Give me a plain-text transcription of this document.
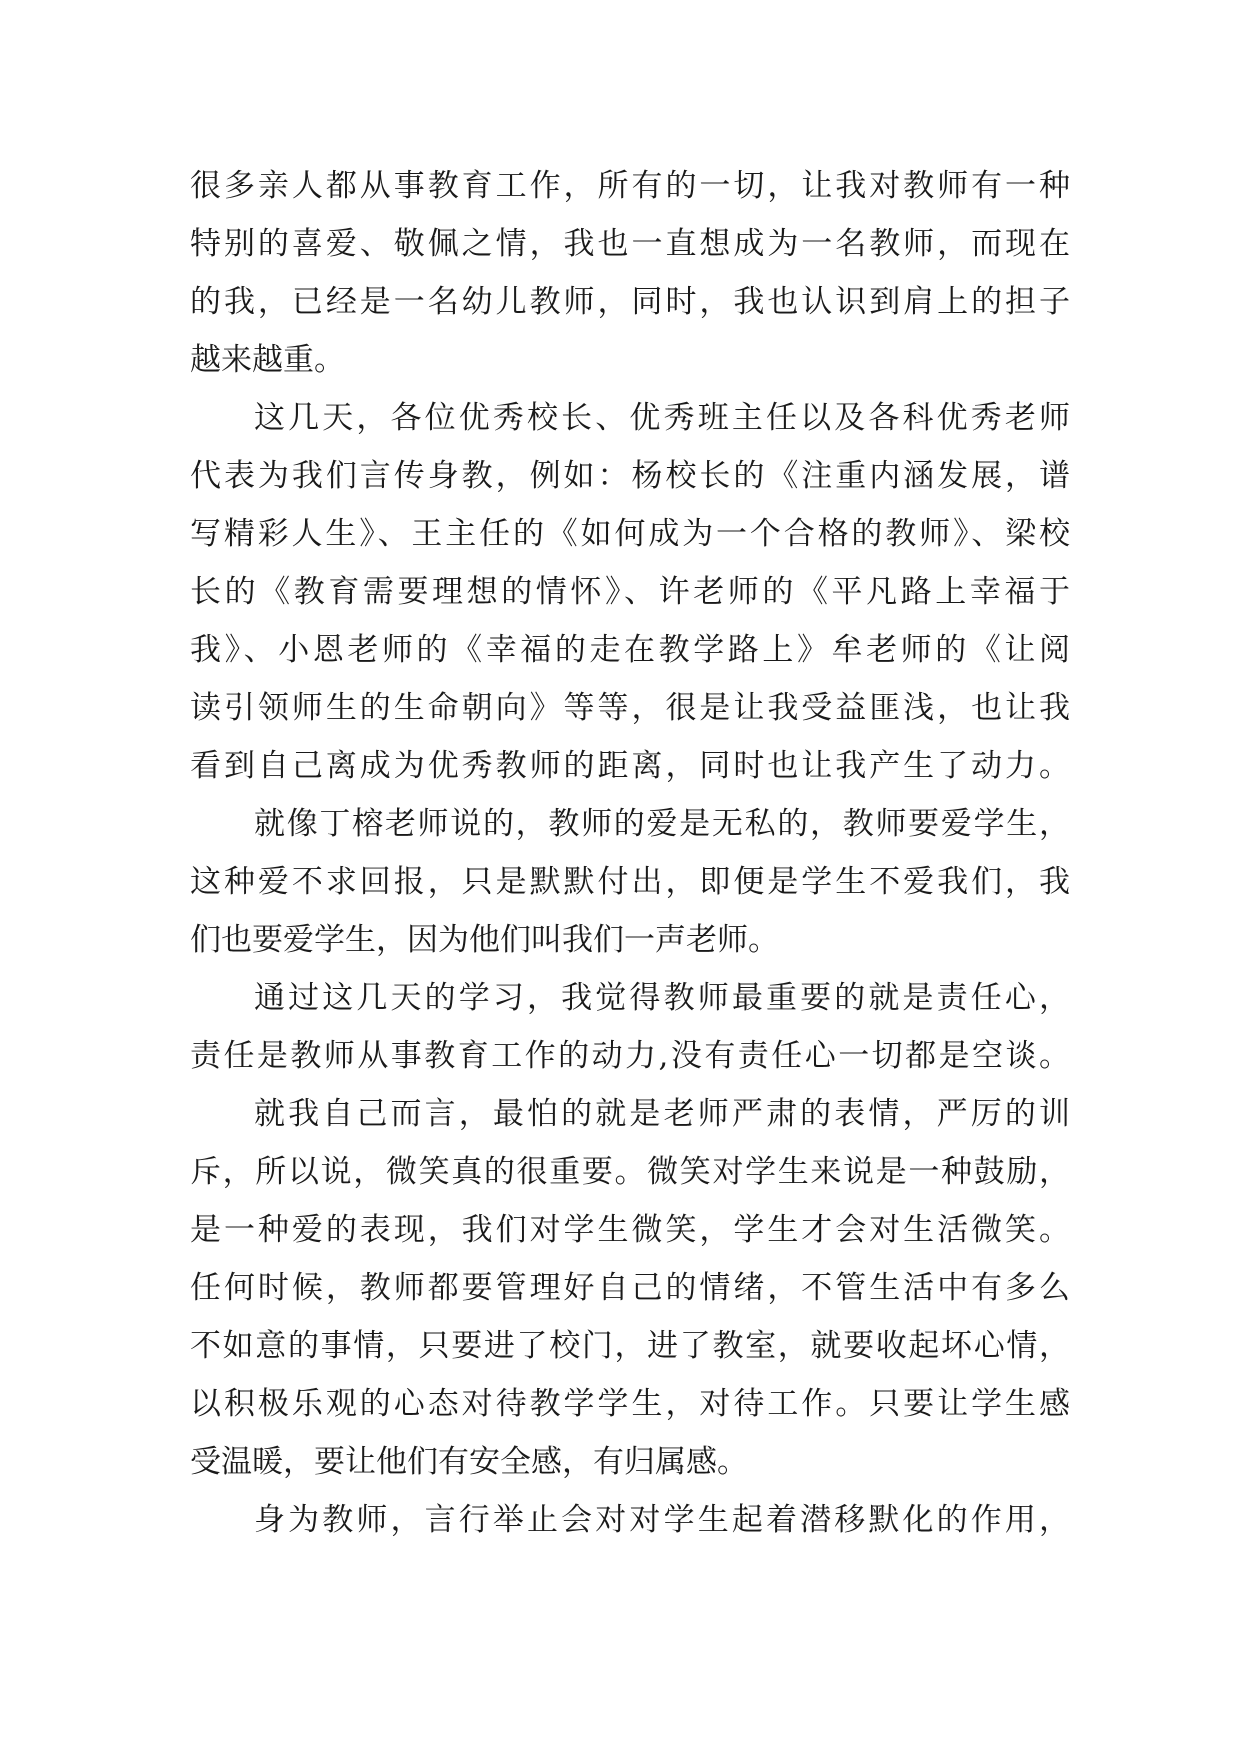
很多亲人都从事教育工作，所有的一切，让我对教师有一种
特别的喜爱、敬佩之情，我也一直想成为一名教师，而现在
的我，已经是一名幼儿教师，同时，我也认识到肩上的担子
越来越重。
这几天，各位优秀校长、优秀班主任以及各科优秀老师
代表为我们言传身教，例如：杨校长的《注重内涵发展，谱
写精彩人生》、王主任的《如何成为一个合格的教师》、梁校
长的《教育需要理想的情怀》、许老师的《平凡路上幸福于
我》、小恩老师的《幸福的走在教学路上》牟老师的《让阅
读引领师生的生命朝向》等等，很是让我受益匪浅，也让我
看到自己离成为优秀教师的距离，同时也让我产生了动力。
就像丁榕老师说的，教师的爱是无私的，教师要爱学生，
这种爱不求回报，只是默默付出，即便是学生不爱我们，我
们也要爱学生，因为他们叫我们一声老师。
通过这几天的学习，我觉得教师最重要的就是责任心，
责任是教师从事教育工作的动力,没有责任心一切都是空谈。
就我自己而言，最怕的就是老师严肃的表情，严厉的训
斥，所以说，微笑真的很重要。微笑对学生来说是一种鼓励，
是一种爱的表现，我们对学生微笑，学生才会对生活微笑。
任何时候，教师都要管理好自己的情绪，不管生活中有多么
不如意的事情，只要进了校门，进了教室，就要收起坏心情，
以积极乐观的心态对待教学学生，对待工作。只要让学生感
受温暖，要让他们有安全感，有归属感。
身为教师，言行举止会对对学生起着潜移默化的作用，
